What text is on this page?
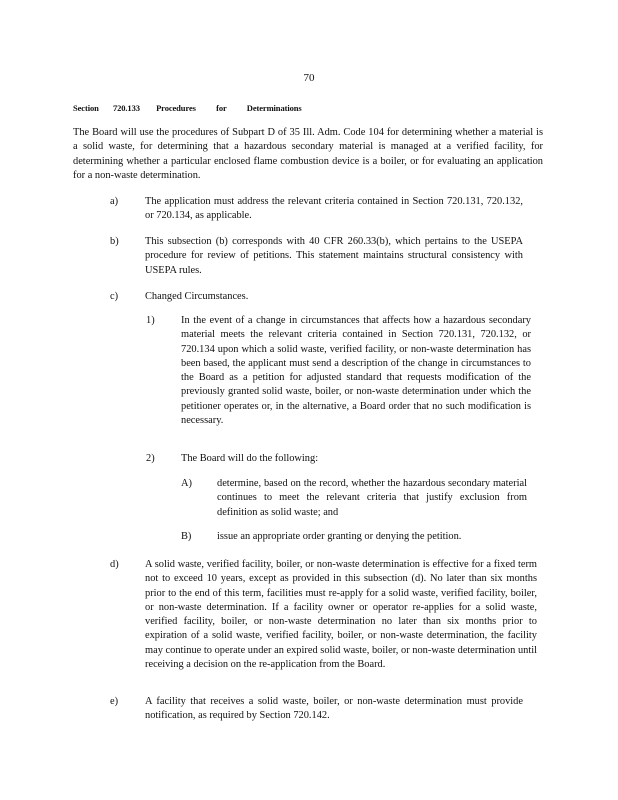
70
Section 720.133 Procedures for Determinations
The Board will use the procedures of Subpart D of 35 Ill. Adm. Code 104 for determining whether a material is a solid waste, for determining that a hazardous secondary material is managed at a verified facility, for determining whether a particular enclosed flame combustion device is a boiler, or for evaluating an application for a non-waste determination.
a)	The application must address the relevant criteria contained in Section 720.131, 720.132, or 720.134, as applicable.
b)	This subsection (b) corresponds with 40 CFR 260.33(b), which pertains to the USEPA procedure for review of petitions. This statement maintains structural consistency with USEPA rules.
c)	Changed Circumstances.
1)	In the event of a change in circumstances that affects how a hazardous secondary material meets the relevant criteria contained in Section 720.131, 720.132, or 720.134 upon which a solid waste, verified facility, or non-waste determination has been based, the applicant must send a description of the change in circumstances to the Board as a petition for adjusted standard that requests modification of the previously granted solid waste, boiler, or non-waste determination under which the petitioner operates or, in the alternative, a Board order that no such modification is necessary.
2)	The Board will do the following:
A) determine, based on the record, whether the hazardous secondary material continues to meet the relevant criteria that justify exclusion from definition as solid waste; and
B) issue an appropriate order granting or denying the petition.
d)	A solid waste, verified facility, boiler, or non-waste determination is effective for a fixed term not to exceed 10 years, except as provided in this subsection (d). No later than six months prior to the end of this term, facilities must re-apply for a solid waste, verified facility, boiler, or non-waste determination. If a facility owner or operator re-applies for a solid waste, verified facility, boiler, or non-waste determination no later than six months prior to expiration of a solid waste, verified facility, boiler, or non-waste determination, the facility may continue to operate under an expired solid waste, boiler, or non-waste determination until receiving a decision on the re-application from the Board.
e)	A facility that receives a solid waste, boiler, or non-waste determination must provide notification, as required by Section 720.142.
